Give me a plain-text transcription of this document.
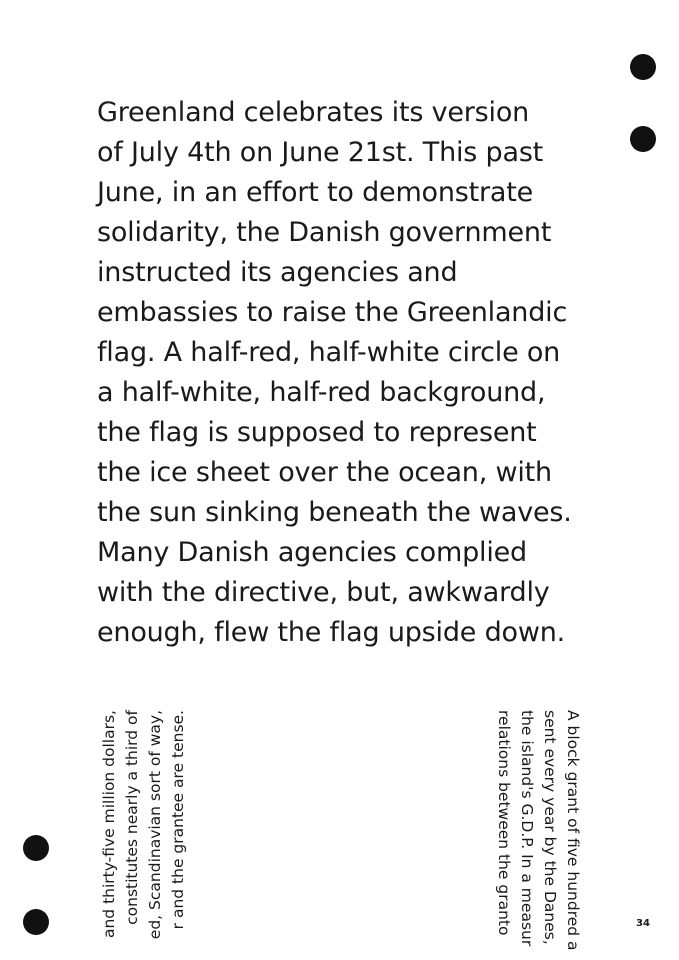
Greenland celebrates its version
of July 4th on June 21st. This past
June, in an effort to demonstrate
solidarity, the Danish government
instructed its agencies and
embassies to raise the Greenlandic
flag. A half-red, half-white circle on
a half-white, half-red background,
the flag is supposed to represent
the ice sheet over the ocean, with
the sun sinking beneath the waves.
Many Danish agencies complied
with the directive, but, awkwardly
enough, flew the flag upside down.

and thirty-five million dollars, constitutes nearly a third of ed, Scandinavian sort of way, r and the grantee are tense.	A block grant of five hundred a
sent every year by the Danes,
the island's G.D.P. In a measur
relations between the granto	34
